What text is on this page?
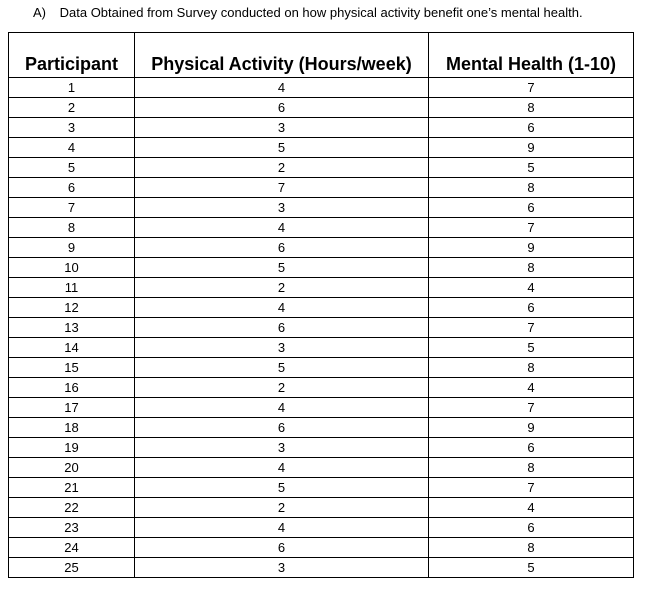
A) Data Obtained from Survey conducted on how physical activity benefit one’s mental health.
Participant	Physical Activity (Hours/week)	Mental Health (1-10)
1	4	7
2	6	8
3	3	6
4	5	9
5	2	5
6	7	8
7	3	6
8	4	7
9	6	9
10	5	8
11	2	4
12	4	6
13	6	7
14	3	5
15	5	8
16	2	4
17	4	7
18	6	9
19	3	6
20	4	8
21	5	7
22	2	4
23	4	6
24	6	8
25	3	5
